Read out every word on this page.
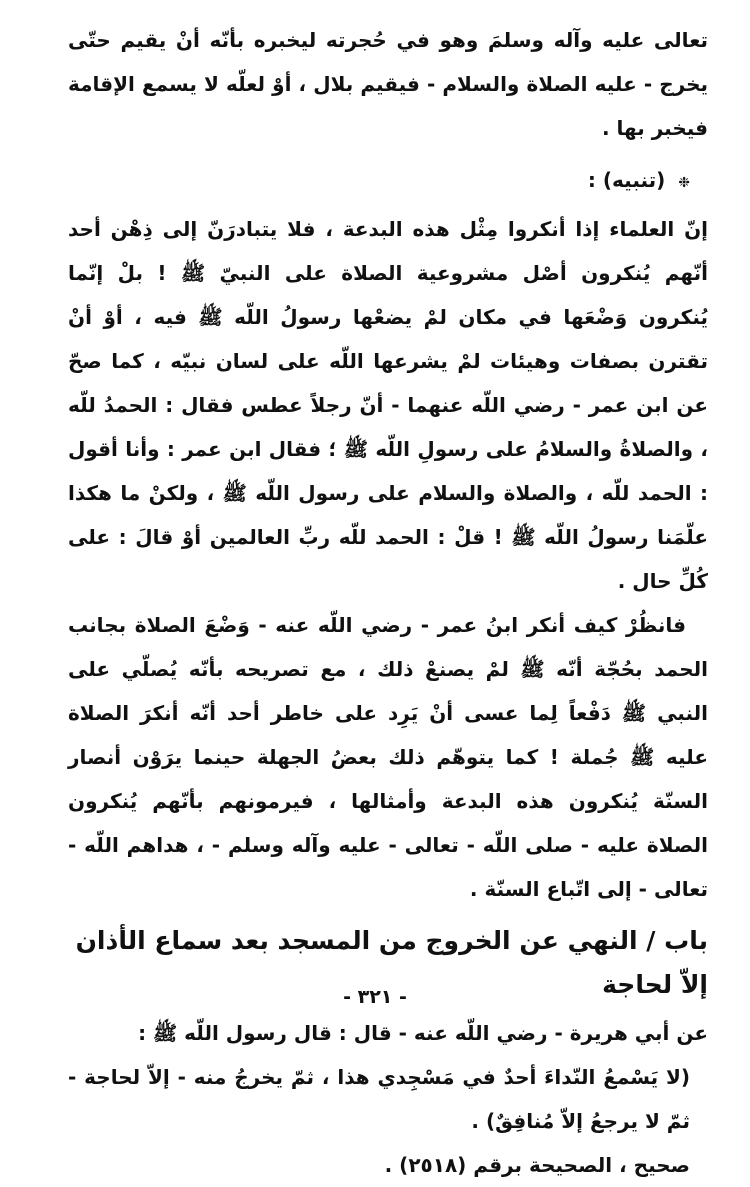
تعالى عليه وآله وسلمَ وهو في حُجرته ليخبره بأنّه أنْ يقيم حتّى يخرج - عليه الصلاة والسلام - فيقيم بلال ، أوْ لعلّه لا يسمع الإقامة فيخبر بها .

❉ (تنبيه) :

إنّ العلماء إذا أنكروا مِثْل هذه البدعة ، فلا يتبادرَنّ إلى ذِهْن أحد أنّهم يُنكرون أصْل مشروعية الصلاة على النبيّ ﷺ ! بلْ إنّما يُنكرون وَضْعَها في مكان لمْ يضعْها رسولُ اللّه ﷺ فيه ، أوْ أنْ تقترن بصفات وهيئات لمْ يشرعها اللّه على لسان نبيّه ، كما صحّ عن ابن عمر - رضي اللّه عنهما - أنّ رجلاً عطس فقال : الحمدُ للّه ، والصلاةُ والسلامُ على رسولِ اللّه ﷺ ؛ فقال ابن عمر : وأنا أقول : الحمد للّه ، والصلاة والسلام على رسول اللّه ﷺ ، ولكنْ ما هكذا علّمَنا رسولُ اللّه ﷺ ! قلْ : الحمد للّه ربِّ العالمين أوْ قالَ : على كُلِّ حال .

فانظُرْ كيف أنكر ابنُ عمر - رضي اللّه عنه - وَضْعَ الصلاة بجانب الحمد بحُجّة أنّه ﷺ لمْ يصنعْ ذلك ، مع تصريحه بأنّه يُصلّي على النبي ﷺ دَفْعاً لِما عسى أنْ يَرِد على خاطر أحد أنّه أنكرَ الصلاة عليه ﷺ جُملة ! كما يتوهّم ذلك بعضُ الجهلة حينما يرَوْن أنصار السنّة يُنكرون هذه البدعة وأمثالها ، فيرمونهم بأنّهم يُنكرون الصلاة عليه - صلى اللّه - تعالى - عليه وآله وسلم - ، هداهم اللّه - تعالى - إلى اتّباع السنّة .

باب / النهي عن الخروج من المسجد بعد سماع الأذان إلاّ لحاجة

عن أبي هريرة - رضي اللّه عنه - قال : قال رسول اللّه ﷺ :

(لا يَسْمعُ النّداءَ أحدٌ في مَسْجِدي هذا ، ثمّ يخرجُ منه - إلاّ لحاجة - ثمّ لا يرجعُ إلاّ مُنافِقٌ) .

صحيح ، الصحيحة برقم (٢٥١٨) .

- ٣٢١ -
